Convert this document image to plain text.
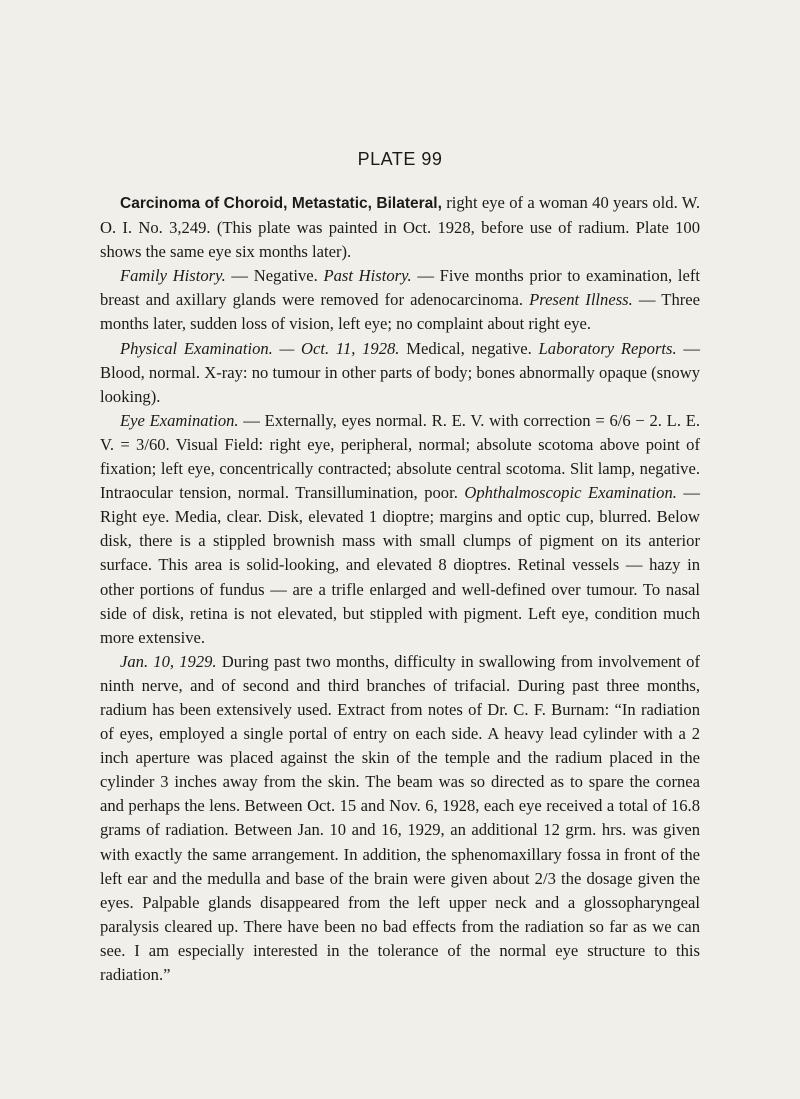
PLATE 99

Carcinoma of Choroid, Metastatic, Bilateral, right eye of a woman 40 years old. W. O. I. No. 3,249. (This plate was painted in Oct. 1928, before use of radium. Plate 100 shows the same eye six months later).

Family History. — Negative. Past History. — Five months prior to examination, left breast and axillary glands were removed for adenocarcinoma. Present Illness. — Three months later, sudden loss of vision, left eye; no complaint about right eye.

Physical Examination. — Oct. 11, 1928. Medical, negative. Laboratory Reports. — Blood, normal. X-ray: no tumour in other parts of body; bones abnormally opaque (snowy looking).

Eye Examination. — Externally, eyes normal. R. E. V. with correction = 6/6 − 2. L. E. V. = 3/60. Visual Field: right eye, peripheral, normal; absolute scotoma above point of fixation; left eye, concentrically contracted; absolute central scotoma. Slit lamp, negative. Intraocular tension, normal. Transillumination, poor. Ophthalmoscopic Examination. — Right eye. Media, clear. Disk, elevated 1 dioptre; margins and optic cup, blurred. Below disk, there is a stippled brownish mass with small clumps of pigment on its anterior surface. This area is solid-looking, and elevated 8 dioptres. Retinal vessels — hazy in other portions of fundus — are a trifle enlarged and well-defined over tumour. To nasal side of disk, retina is not elevated, but stippled with pigment. Left eye, condition much more extensive.

Jan. 10, 1929. During past two months, difficulty in swallowing from involvement of ninth nerve, and of second and third branches of trifacial. During past three months, radium has been extensively used. Extract from notes of Dr. C. F. Burnam: “In radiation of eyes, employed a single portal of entry on each side. A heavy lead cylinder with a 2 inch aperture was placed against the skin of the temple and the radium placed in the cylinder 3 inches away from the skin. The beam was so directed as to spare the cornea and perhaps the lens. Between Oct. 15 and Nov. 6, 1928, each eye received a total of 16.8 grams of radiation. Between Jan. 10 and 16, 1929, an additional 12 grm. hrs. was given with exactly the same arrangement. In addition, the sphenomaxillary fossa in front of the left ear and the medulla and base of the brain were given about 2/3 the dosage given the eyes. Palpable glands disappeared from the left upper neck and a glossopharyngeal paralysis cleared up. There have been no bad effects from the radiation so far as we can see. I am especially interested in the tolerance of the normal eye structure to this radiation.”
